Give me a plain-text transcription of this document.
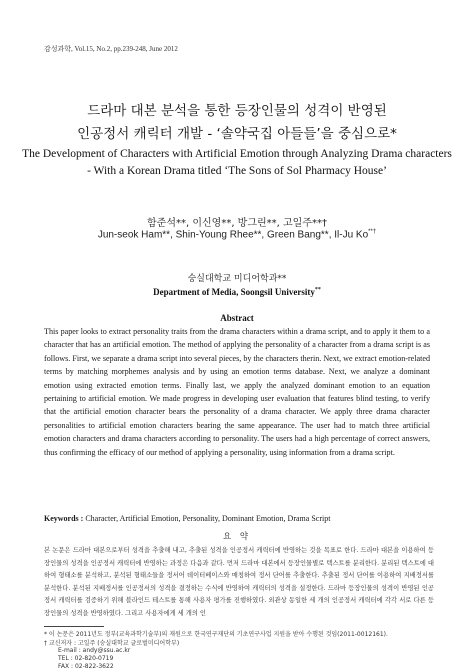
감성과학, Vol.15, No.2, pp.239-248, June 2012
드라마 대본 분석을 통한 등장인물의 성격이 반영된
인공정서 캐릭터 개발 - ‘솔약국집 아들들’을 중심으로*
The Development of Characters with Artificial Emotion through Analyzing Drama characters
- With a Korean Drama titled ‘The Sons of Sol Pharmacy House’
함준석**, 이신영**, 방그린**, 고일주**†
Jun-seok Ham**, Shin-Young Rhee**, Green Bang**, Il-Ju Ko**†
숭실대학교 미디어학과**
Department of Media, Soongsil University**
Abstract

This paper looks to extract personality traits from the drama characters within a drama script, and to apply it them to a character that has an artificial emotion. The method of applying the personality of a character from a drama script is as follows. First, we separate a drama script into several pieces, by the characters therin. Next, we extract emotion-related terms by matching morphemes analysis and by using an emotion terms database. Next, we analyze a dominant emotion using extracted emotion terms. Finally last, we apply the analyzed dominant emotion to an equation pertaining to artificial emotion. We made progress in developing user evaluation that features blind testing, to verify that the artificial emotion character bears the personality of a drama character. We apply three drama character personalities to artificial emotion characters bearing the same appearance. The user had to match three artificial emotion characters and drama characters according to personality. The users had a high percentage of correct answers, thus confirming the efficacy of our method of applying a personality, using information from a drama script.

Keywords : Character, Artificial Emotion, Personality, Dominant Emotion, Drama Script
요 약

본 논문은 드라마 대본으로부터 성격을 추출해 내고, 추출된 성격을 인공정서 캐릭터에 반영하는 것을 목표로 한다. 드라마 대본을 이용하여 등장인물의 성격을 인공정서 캐릭터에 반영하는 과정은 다음과 같다. 먼저 드라마 대본에서 등장인물별로 텍스트를 분리한다. 분리된 텍스트에 대하여 형태소를 분석하고, 분석된 형태소들을 정서어 데이터베이스와 매칭하여 정서 단어를 추출한다. 추출된 정서 단어를 이용하여 지배정서를 분석한다. 분석된 지배정서를 인공정서의 성격을 결정하는 수식에 반영하여 캐릭터의 성격을 설정한다. 드라마 등장인물의 성격이 반영된 인공정서 캐릭터를 검증하기 위해 블라인드 테스트를 통해 사용자 평가를 진행하였다. 외관상 동일한 세 개의 인공정서 캐릭터에 각각 서로 다른 등장인물의 성격을 반영하였다. 그리고 사용자에게 세 개의 인

* 이 논문은 2011년도 정부(교육과학기술부)의 재원으로 한국연구재단의 기초연구사업 지원을 받아 수행된 것임(2011-0012161).
† 교신저자 : 고일주 (숭실대학교 글로벌미디어학부)
E-mail : andy@ssu.ac.kr
TEL : 02-820-0719
FAX : 02-822-3622
